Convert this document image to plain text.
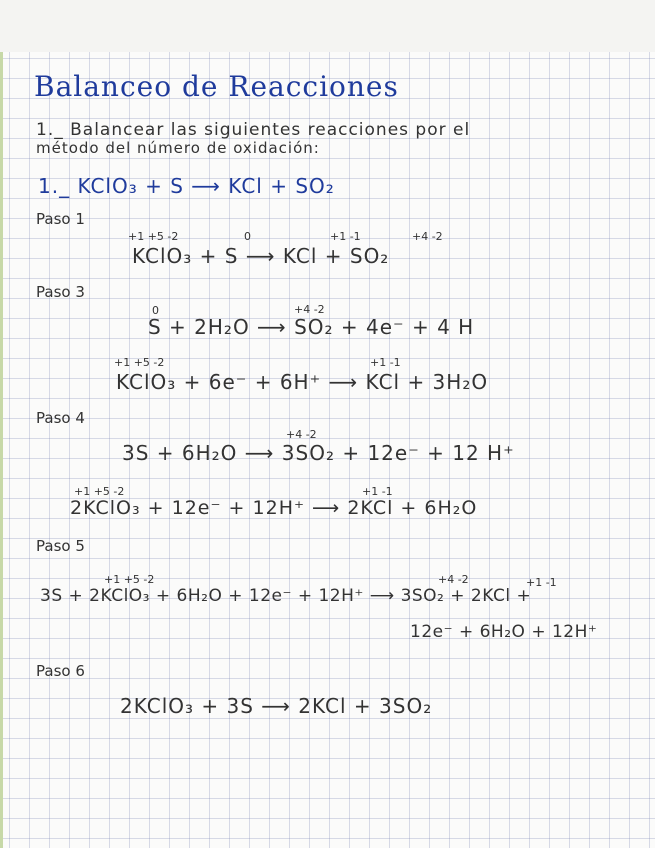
Balanceo de Reacciones
1._ Balancear las siguientes reacciones por el
método del número de oxidación:
1._ KClO₃ + S ⟶ KCl + SO₂
Paso 1
+1 +5 -2	0	+1 -1	+4 -2
KClO₃ + S ⟶ KCl + SO₂
Paso 3
0	+4 -2
S + 2H₂O ⟶ SO₂ + 4e⁻ + 4 H
+1 +5 -2	+1 -1
KClO₃ + 6e⁻ + 6H⁺ ⟶ KCl + 3H₂O
Paso 4
+4 -2
3S + 6H₂O ⟶ 3SO₂ + 12e⁻ + 12 H⁺
+1 +5 -2	+1 -1
2KClO₃ + 12e⁻ + 12H⁺ ⟶ 2KCl + 6H₂O
Paso 5
+1 +5 -2	+4 -2	+1 -1
3S + 2KClO₃ + 6H₂O + 12e⁻ + 12H⁺ ⟶ 3SO₂ + 2KCl +
12e⁻ + 6H₂O + 12H⁺
Paso 6
2KClO₃ + 3S ⟶ 2KCl + 3SO₂
